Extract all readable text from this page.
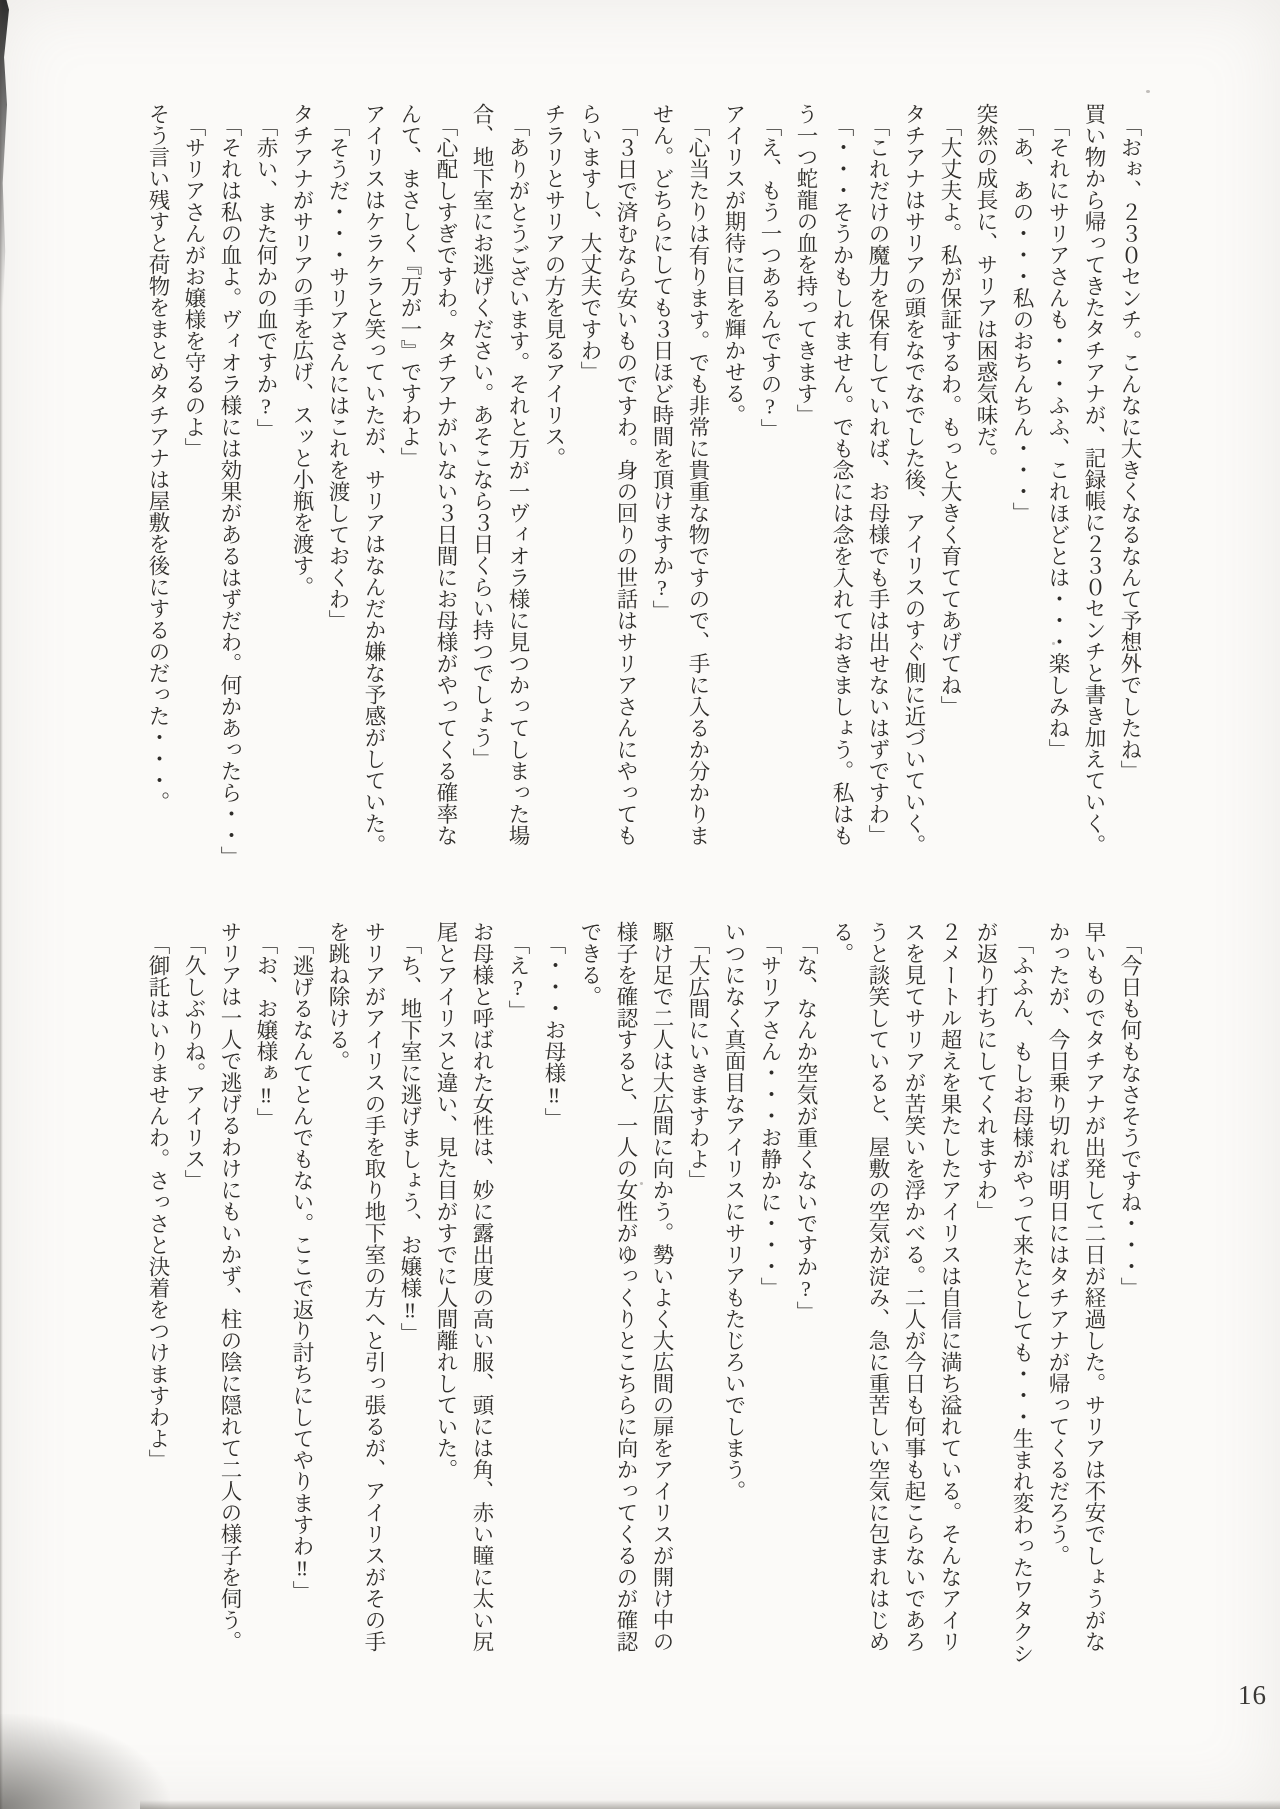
「おぉ、２３０センチ。こんなに大きくなるなんて予想外でしたね」
買い物から帰ってきたタチアナが、記録帳に２３０センチと書き加えていく。
「それにサリアさんも・・・ふふ、これほどとは・・・楽しみね」
「あ、あの・・・私のおちんちん・・・」
突然の成長に、サリアは困惑気味だ。
「大丈夫よ。私が保証するわ。もっと大きく育ててあげてね」
タチアナはサリアの頭をなでなでした後、アイリスのすぐ側に近づいていく。
「これだけの魔力を保有していれば、お母様でも手は出せないはずですわ」
「・・・そうかもしれません。でも念には念を入れておきましょう。私はも
う一つ蛇龍の血を持ってきます」
「え、もう一つあるんですの?」
アイリスが期待に目を輝かせる。
「心当たりは有ります。でも非常に貴重な物ですので、手に入るか分かりま
せん。どちらにしても３日ほど時間を頂けますか?」
「３日で済むなら安いものですわ。身の回りの世話はサリアさんにやっても
らいますし、大丈夫ですわ」
チラリとサリアの方を見るアイリス。
「ありがとうございます。それと万が一ヴィオラ様に見つかってしまった場
合、地下室にお逃げください。あそこなら３日くらい持つでしょう」
「心配しすぎですわ。タチアナがいない３日間にお母様がやってくる確率な
んて、まさしく『万が一』ですわよ」
アイリスはケラケラと笑っていたが、サリアはなんだか嫌な予感がしていた。
「そうだ・・・サリアさんにはこれを渡しておくわ」
タチアナがサリアの手を広げ、スッと小瓶を渡す。
「赤い、また何かの血ですか?」
「それは私の血よ。ヴィオラ様には効果があるはずだわ。何かあったら・・」
「サリアさんがお嬢様を守るのよ」
そう言い残すと荷物をまとめタチアナは屋敷を後にするのだった・・・。
「今日も何もなさそうですね・・・」
早いものでタチアナが出発して二日が経過した。サリアは不安でしょうがな
かったが、今日乗り切れば明日にはタチアナが帰ってくるだろう。
「ふふん、もしお母様がやって来たとしても・・・生まれ変わったワタクシ
が返り打ちにしてくれますわ」
２メートル超えを果たしたアイリスは自信に満ち溢れている。そんなアイリ
スを見てサリアが苦笑いを浮かべる。二人が今日も何事も起こらないであろ
うと談笑していると、屋敷の空気が淀み、急に重苦しい空気に包まれはじめ
る。
「な、なんか空気が重くないですか?」
「サリアさん・・・お静かに・・・」
いつになく真面目なアイリスにサリアもたじろいでしまう。
「大広間にいきますわよ」
駆け足で二人は大広間に向かう。勢いよく大広間の扉をアイリスが開け中の
様子を確認すると、一人の女性がゆっくりとこちらに向かってくるのが確認
できる。
「・・・お母様‼」
「え?」
お母様と呼ばれた女性は、妙に露出度の高い服、頭には角、赤い瞳に太い尻
尾とアイリスと違い、見た目がすでに人間離れしていた。
「ち、地下室に逃げましょう、お嬢様‼」
サリアがアイリスの手を取り地下室の方へと引っ張るが、アイリスがその手
を跳ね除ける。
「逃げるなんてとんでもない。ここで返り討ちにしてやりますわ‼」
「お、お嬢様ぁ‼」
サリアは一人で逃げるわけにもいかず、柱の陰に隠れて二人の様子を伺う。
「久しぶりね。アイリス」
「御託はいりませんわ。さっさと決着をつけますわよ」
16
